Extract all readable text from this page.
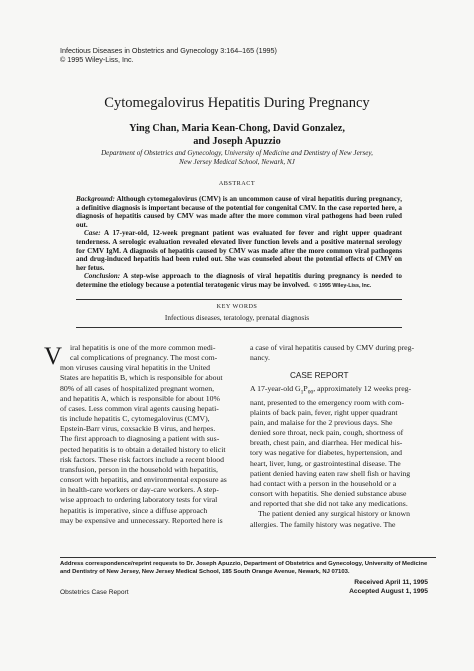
Infectious Diseases in Obstetrics and Gynecology 3:164–165 (1995)
© 1995 Wiley-Liss, Inc.
Cytomegalovirus Hepatitis During Pregnancy
Ying Chan, Maria Kean-Chong, David Gonzalez,
and Joseph Apuzzio
Department of Obstetrics and Gynecology, University of Medicine and Dentistry of New Jersey,
New Jersey Medical School, Newark, NJ
ABSTRACT

Background: Although cytomegalovirus (CMV) is an uncommon cause of viral hepatitis during pregnancy, a definitive diagnosis is important because of the potential for congenital CMV. In the case reported here, a diagnosis of hepatitis caused by CMV was made after the more common viral pathogens had been ruled out.

Case: A 17-year-old, 12-week pregnant patient was evaluated for fever and right upper quadrant tenderness. A serologic evaluation revealed elevated liver function levels and a positive maternal serology for CMV IgM. A diagnosis of hepatitis caused by CMV was made after the more common viral pathogens and drug-induced hepatitis had been ruled out. She was counseled about the potential effects of CMV on her fetus.

Conclusion: A step-wise approach to the diagnosis of viral hepatitis during pregnancy is needed to determine the etiology because a potential teratogenic virus may be involved. © 1995 Wiley-Liss, Inc.

KEY WORDS
Infectious diseases, teratology, prenatal diagnosis
V	iral hepatitis is one of the more common medi-
cal complications of pregnancy. The most com-
mon viruses causing viral hepatitis in the United
States are hepatitis B, which is responsible for about
80% of all cases of hospitalized pregnant women,
and hepatitis A, which is responsible for about 10%
of cases. Less common viral agents causing hepati-
tis include hepatitis C, cytomegalovirus (CMV),
Epstein-Barr virus, coxsackie B virus, and herpes.
The first approach to diagnosing a patient with sus-
pected hepatitis is to obtain a detailed history to elicit
risk factors. These risk factors include a recent blood
transfusion, person in the household with hepatitis,
consort with hepatitis, and environmental exposure as
in health-care workers or day-care workers. A step-
wise approach to ordering laboratory tests for viral
hepatitis is imperative, since a diffuse approach
may be expensive and unnecessary. Reported here is
a case of viral hepatitis caused by CMV during preg-
nancy.
CASE REPORT
A 17-year-old $G_1P_{00}$, approximately 12 weeks preg-
nant, presented to the emergency room with com-
plaints of back pain, fever, right upper quadrant
pain, and malaise for the 2 previous days. She
denied sore throat, neck pain, cough, shortness of
breath, chest pain, and diarrhea. Her medical his-
tory was negative for diabetes, hypertension, and
heart, liver, lung, or gastrointestinal disease. The
patient denied having eaten raw shell fish or having
had contact with a person in the household or a
consort with hepatitis. She denied substance abuse
and reported that she did not take any medications.
The patient denied any surgical history or known
allergies. The family history was negative. The
Address correspondence/reprint requests to Dr. Joseph Apuzzio, Department of Obstetrics and Gynecology, University of Medicine and Dentistry of New Jersey, New Jersey Medical School, 185 South Orange Avenue, Newark, NJ 07103.
Received April 11, 1995
Accepted August 1, 1995
Obstetrics Case Report
